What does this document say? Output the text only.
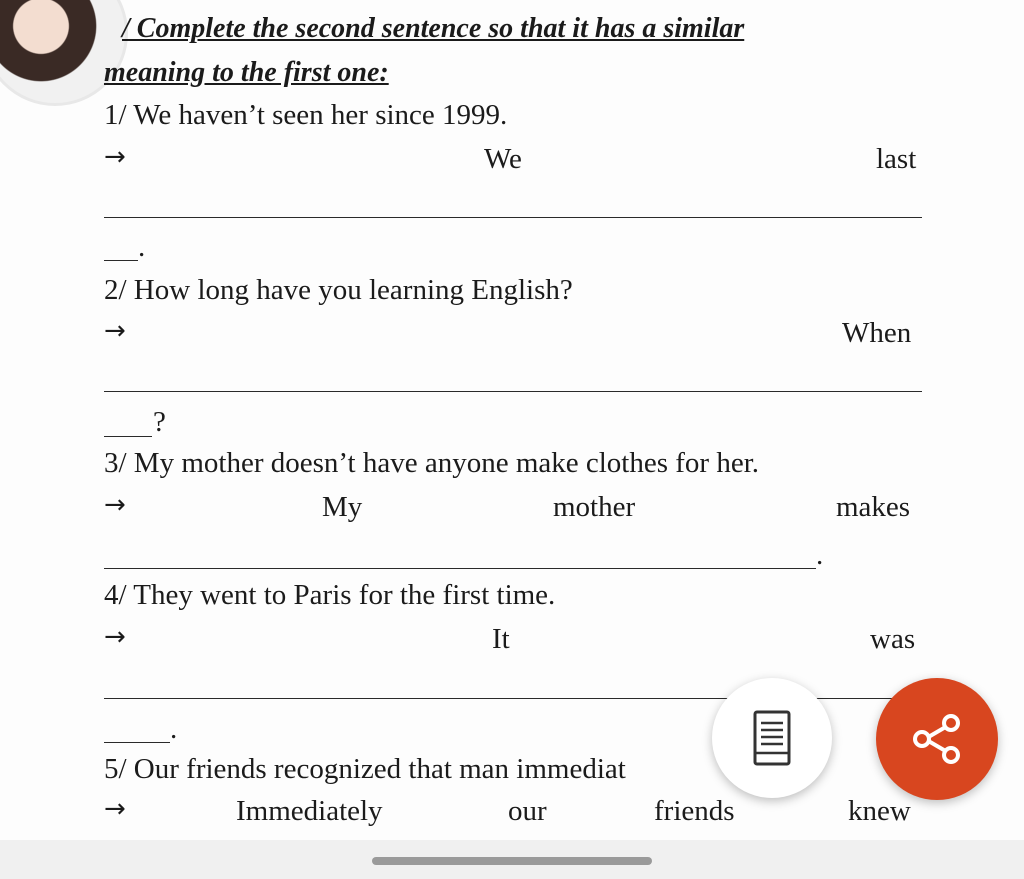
/ Complete the second sentence so that it has a similar
meaning to the first one:
1/ We haven’t seen her since 1999.
→	We	last
.
2/ How long have you learning English?
→	When
?
3/ My mother doesn’t have anyone make clothes for her.
→	My	mother	makes
.
4/ They went to Paris for the first time.
→	It	was
.
5/ Our friends recognized that man immediat
→	Immediately	our	friends	knew
